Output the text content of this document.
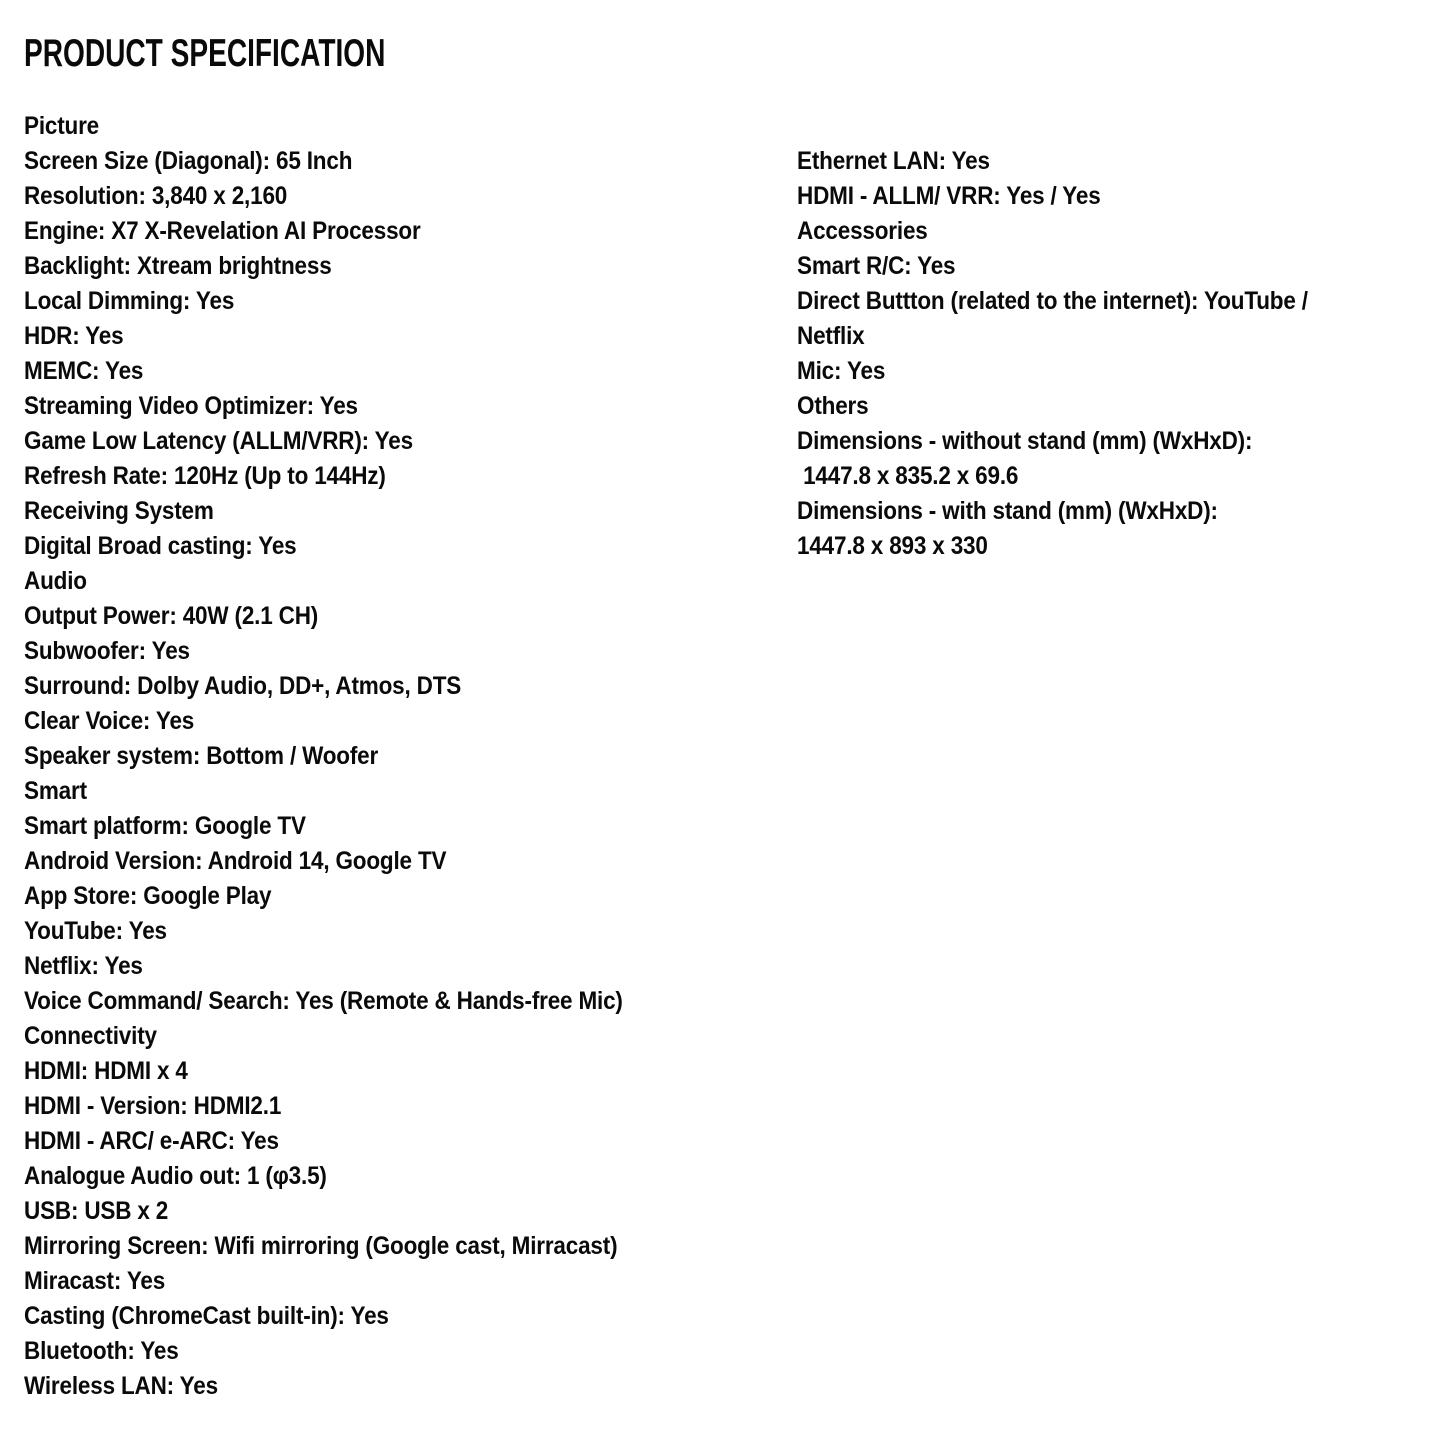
PRODUCT SPECIFICATION
Picture
Screen Size (Diagonal): 65 Inch
Resolution: 3,840 x 2,160
Engine: X7 X-Revelation AI Processor
Backlight: Xtream brightness
Local Dimming: Yes
HDR: Yes
MEMC: Yes
Streaming Video Optimizer: Yes
Game Low Latency (ALLM/VRR): Yes
Refresh Rate: 120Hz (Up to 144Hz)
Receiving System
Digital Broad casting: Yes
Audio
Output Power: 40W (2.1 CH)
Subwoofer: Yes
Surround: Dolby Audio, DD+, Atmos, DTS
Clear Voice: Yes
Speaker system: Bottom / Woofer
Smart
Smart platform: Google TV
Android Version: Android 14, Google TV
App Store: Google Play
YouTube: Yes
Netflix: Yes
Voice Command/ Search: Yes (Remote & Hands-free Mic)
Connectivity
HDMI: HDMI x 4
HDMI - Version: HDMI2.1
HDMI - ARC/ e-ARC: Yes
Analogue Audio out: 1 (φ3.5)
USB: USB x 2
Mirroring Screen: Wifi mirroring (Google cast, Mirracast)
Miracast: Yes
Casting (ChromeCast built-in): Yes
Bluetooth: Yes
Wireless LAN: Yes
Ethernet LAN: Yes
HDMI - ALLM/ VRR: Yes / Yes
Accessories
Smart R/C: Yes
Direct Buttton (related to the internet): YouTube /
Netflix
Mic: Yes
Others
Dimensions - without stand (mm) (WxHxD):
1447.8 x 835.2 x 69.6
Dimensions - with stand (mm) (WxHxD):
1447.8 x 893 x 330
